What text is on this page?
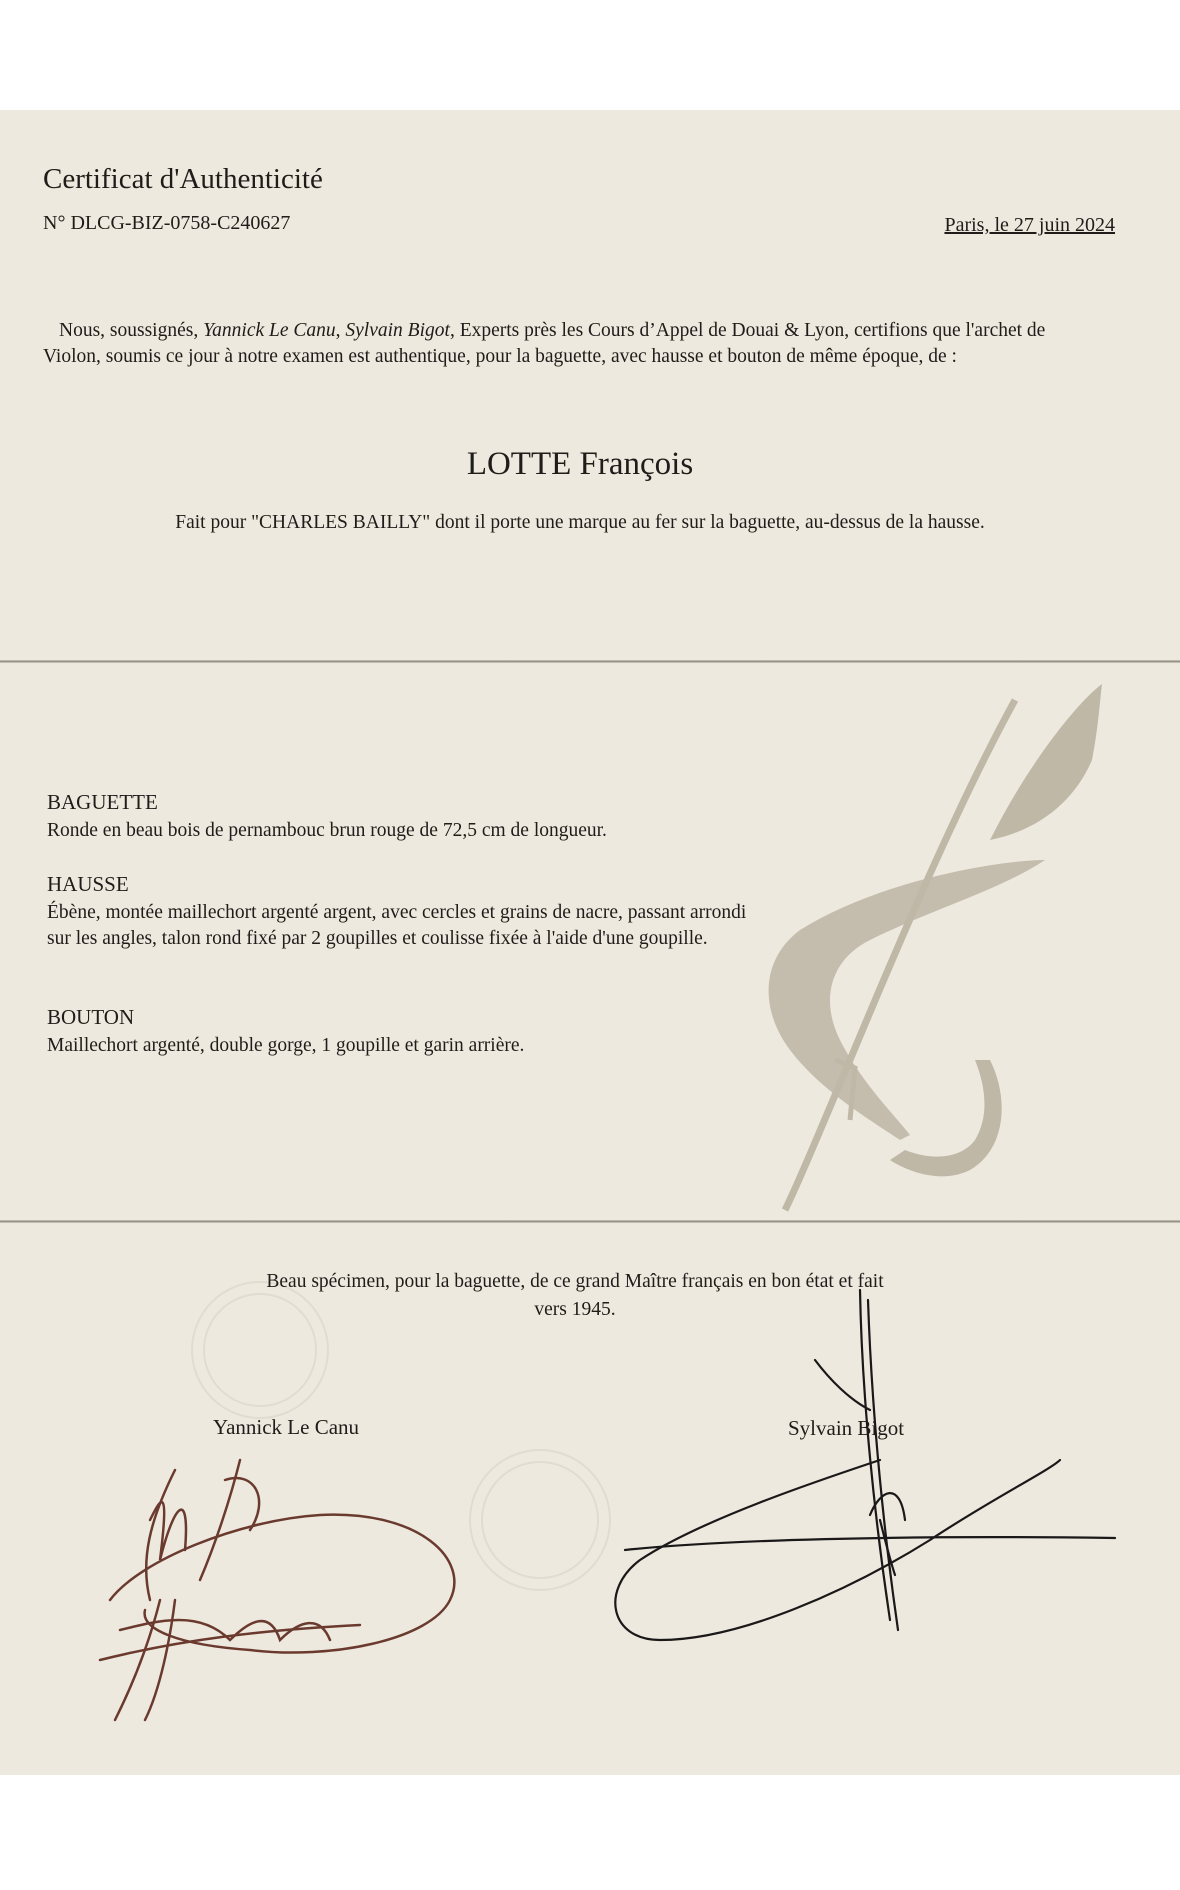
Certificat d'Authenticité
N° DLCG-BIZ-0758-C240627	Paris, le 27 juin 2024
Nous, soussignés, Yannick Le Canu, Sylvain Bigot, Experts près les Cours d’Appel de Douai & Lyon, certifions que l'archet de Violon, soumis ce jour à notre examen est authentique, pour la baguette, avec hausse et bouton de même époque, de :
LOTTE François
Fait pour "CHARLES BAILLY" dont il porte une marque au fer sur la baguette, au-dessus de la hausse.
BAGUETTE
Ronde en beau bois de pernambouc brun rouge de 72,5 cm de longueur.
HAUSSE
Ébène, montée maillechort argenté argent, avec cercles et grains de nacre, passant arrondi sur les angles, talon rond fixé par 2 goupilles et coulisse fixée à l'aide d'une goupille.
BOUTON
Maillechort argenté, double gorge, 1 goupille et garin arrière.
Beau spécimen, pour la baguette, de ce grand Maître français en bon état et fait vers 1945.
Yannick Le Canu	Sylvain Bigot
